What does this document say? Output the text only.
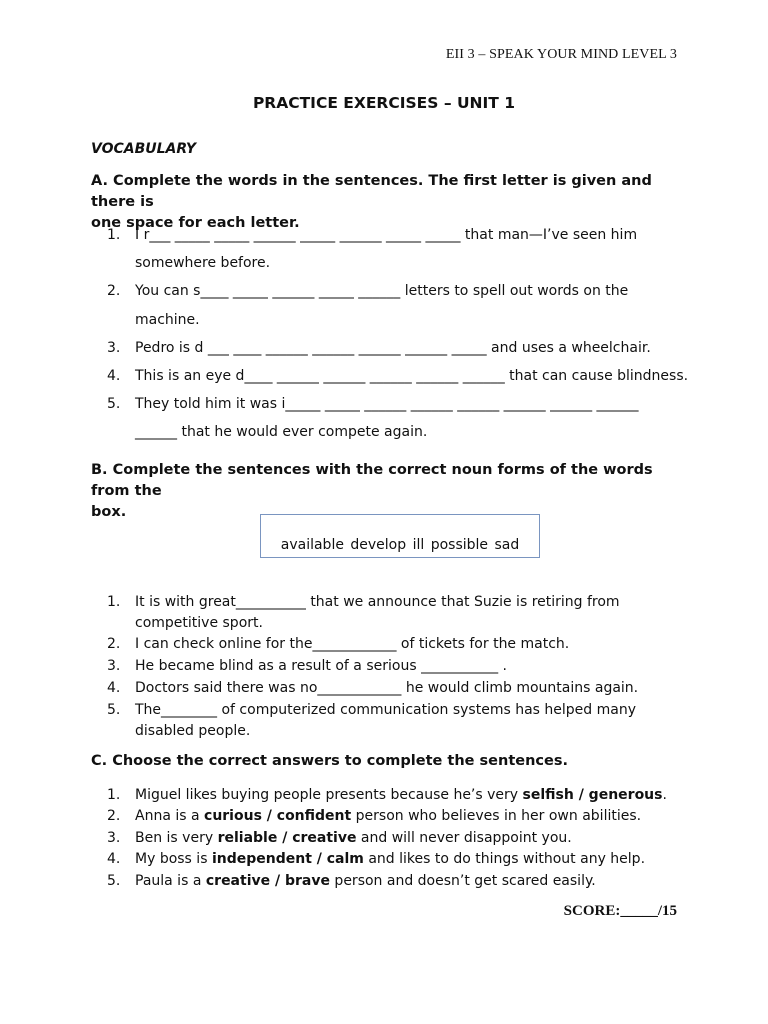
EII 3 – SPEAK YOUR MIND LEVEL 3
PRACTICE EXERCISES – UNIT 1
VOCABULARY
A. Complete the words in the sentences. The first letter is given and there is
one space for each letter.
1. I r___ _____ _____ ______ _____ ______ _____ _____ that man—I’ve seen him
somewhere before.
2. You can s____ _____ ______ _____ ______ letters to spell out words on the
machine.
3. Pedro is d ___ ____ ______ ______ ______ ______ _____ and uses a wheelchair.
4. This is an eye d____ ______ ______ ______ ______ ______ that can cause blindness.
5. They told him it was i_____ _____ ______ ______ ______ ______ ______ ______
______ that he would ever compete again.
B. Complete the sentences with the correct noun forms of the words from the
box.
available develop ill possible sad
1. It is with great__________ that we announce that Suzie is retiring from
competitive sport.
2. I can check online for the____________ of tickets for the match.
3. He became blind as a result of a serious ___________ .
4. Doctors said there was no____________ he would climb mountains again.
5. The________ of computerized communication systems has helped many
disabled people.
C. Choose the correct answers to complete the sentences.
1. Miguel likes buying people presents because he’s very selfish / generous.
2. Anna is a curious / confident person who believes in her own abilities.
3. Ben is very reliable / creative and will never disappoint you.
4. My boss is independent / calm and likes to do things without any help.
5. Paula is a creative / brave person and doesn’t get scared easily.
SCORE:_____/15
